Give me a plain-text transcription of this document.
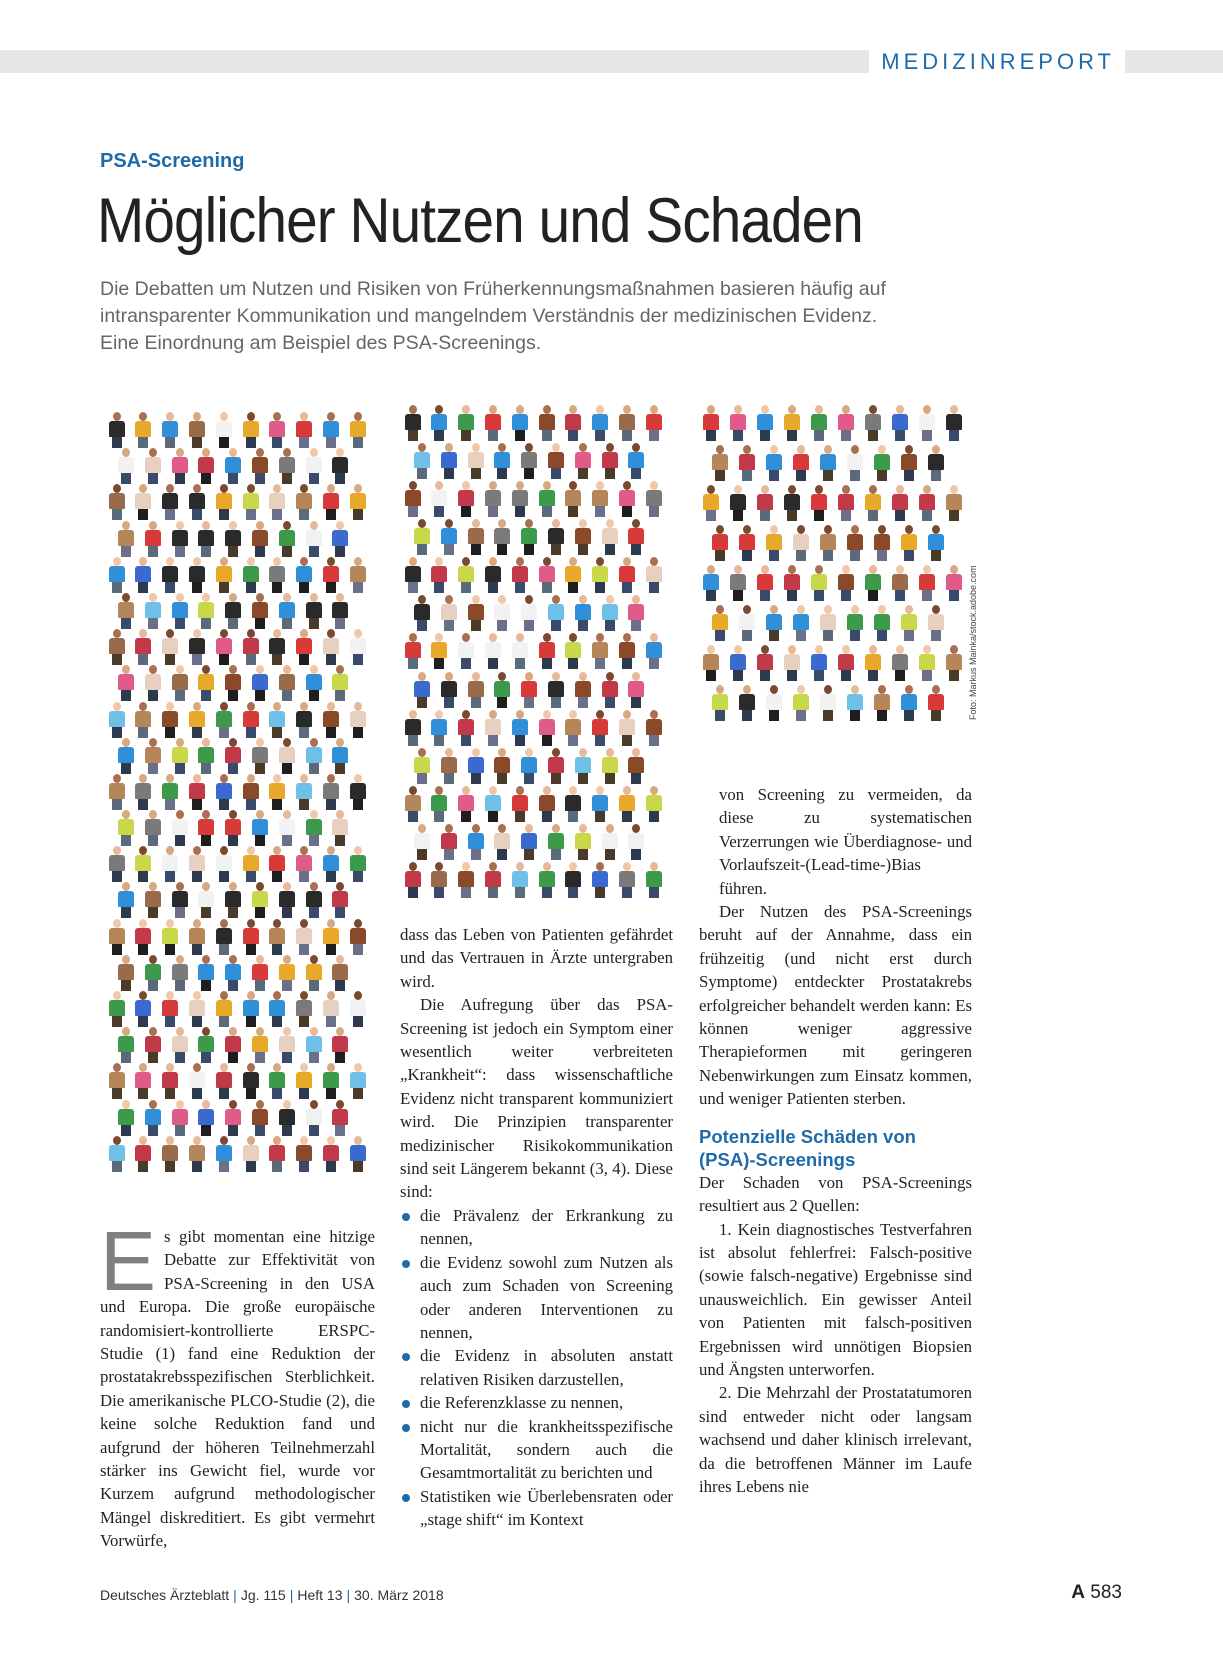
MEDIZINREPORT
PSA-Screening
Möglicher Nutzen und Schaden
Die Debatten um Nutzen und Risiken von Früherkennungsmaßnahmen basieren häufig auf
intransparenter Kommunikation und mangelndem Verständnis der medizinischen Evidenz.
Eine Einordnung am Beispiel des PSA-Screenings.
Foto: Markus Mainka/stock.adobe.com

Es gibt momentan eine hitzige Debatte zur Effektivität von PSA-Screening in den USA und Europa. Die große europäische randomisiert-kontrollierte ERSPC-Studie (1) fand eine Reduktion der prostatakrebsspezifischen Sterblichkeit. Die amerikanische PLCO-Studie (2), die keine solche Reduktion fand und aufgrund der höheren Teilnehmerzahl stärker ins Gewicht fiel, wurde vor Kurzem aufgrund methodologischer Mängel diskreditiert. Es gibt vermehrt Vorwürfe,

dass das Leben von Patienten gefährdet und das Vertrauen in Ärzte untergraben wird.

Die Aufregung über das PSA-Screening ist jedoch ein Symptom einer wesentlich weiter verbreiteten „Krankheit“: dass wissenschaftliche Evidenz nicht transparent kommuniziert wird. Die Prinzipien transparenter medizinischer Risikokommunikation sind seit Längerem bekannt (3, 4). Diese sind:

die Prävalenz der Erkrankung zu nennen,
die Evidenz sowohl zum Nutzen als auch zum Schaden von Screening oder anderen Interventionen zu nennen,
die Evidenz in absoluten anstatt relativen Risiken darzustellen,
die Referenzklasse zu nennen,
nicht nur die krankheitsspezifische Mortalität, sondern auch die Gesamtmortalität zu berichten und
Statistiken wie Überlebensraten oder „stage shift“ im Kontext

von Screening zu vermeiden, da diese zu systematischen Verzerrungen wie Überdiagnose- und Vorlaufszeit-(Lead-time-)Bias führen.

Der Nutzen des PSA-Screenings beruht auf der Annahme, dass ein frühzeitig (und nicht erst durch Symptome) entdeckter Prostatakrebs erfolgreicher behandelt werden kann: Es können weniger aggressive Therapieformen mit geringeren Nebenwirkungen zum Einsatz kommen, und weniger Patienten sterben.

Potenzielle Schäden von
(PSA)-Screenings

Der Schaden von PSA-Screenings resultiert aus 2 Quellen:

1. Kein diagnostisches Testverfahren ist absolut fehlerfrei: Falsch-positive (sowie falsch-negative) Ergebnisse sind unausweichlich. Ein gewisser Anteil von Patienten mit falsch-positiven Ergebnissen wird unnötigen Biopsien und Ängsten unterworfen.

2. Die Mehrzahl der Prostatatumoren sind entweder nicht oder langsam wachsend und daher klinisch irrelevant, da die betroffenen Männer im Laufe ihres Lebens nie

Deutsches Ärzteblatt | Jg. 115 | Heft 13 | 30. März 2018	A 583
